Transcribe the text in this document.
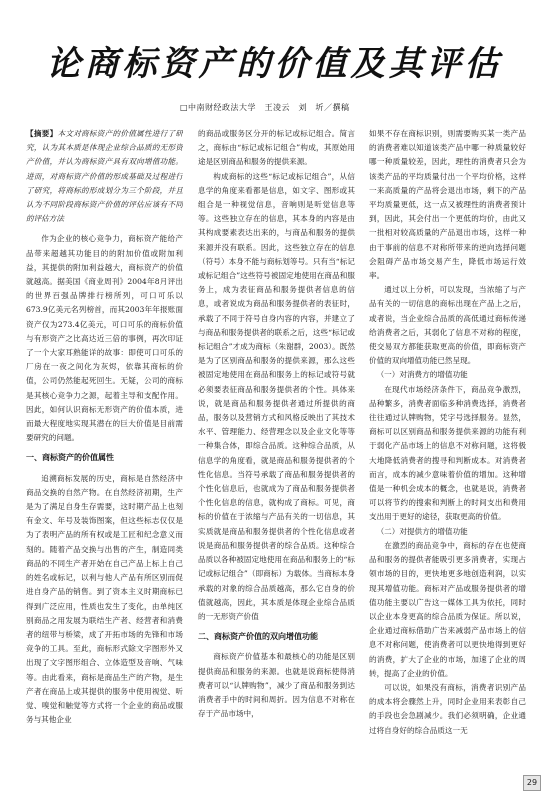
论商标资产的价值及其评估
□中南财经政法大学　王凌云　刘　圻／撰稿

【摘要】本文对商标资产的价值属性进行了研究，认为其本质是体现企业综合品质的无形资产价值，并认为商标资产具有双向增值功能。进而，对商标资产价值的形成基础及过程进行了研究，将商标的形成划分为三个阶段，并且认为不同阶段商标资产价值的评估应该有不同的评估方法

作为企业的核心竞争力，商标资产能给产品带来超越其功能目的的附加价值或附加利益，其提供的附加利益越大，商标资产的价值就越高。据美国《商业周刊》2004年8月评出的世界百强品牌排行榜所列，可口可乐以673.9亿美元名列榜首，而其2003年年报账面资产仅为273.4亿美元，可口可乐的商标价值与有形资产之比高达近三倍的事例，再次印证了一个大家耳熟能详的故事：即使可口可乐的厂房在一夜之间化为灰烬，依靠其商标的价值，公司仍然能起死回生。无疑，公司的商标是其核心竞争力之源，起着主导和支配作用。因此，如何认识商标无形资产的价值本质，进而最大程度地实现其潜在的巨大价值是目前需要研究的问题。

一、商标资产的价值属性

追溯商标发展的历史，商标是自然经济中商品交换的自然产物。在自然经济初期，生产是为了满足自身生存需要，这时期产品上也刻有金文、年号及装饰图案，但这些标志仅仅是为了表明产品的所有权或是工匠和纪念意义而刻的。随着产品交换与出售的产生，制造同类商品的不同生产者开始在自己产品上标上自己的姓名或标记，以利与他人产品有所区别而促进自身产品的销售。到了资本主义时期商标已得到广泛应用，性质也发生了变化，由单纯区别商品之用发展为联结生产者、经营者和消费者的纽带与桥梁，成了开拓市场的先锋和市场竞争的工具。至此，商标形式除文字图形外又出现了文字图形组合、立体造型及音响、气味等。由此看来，商标是商品生产的产物，是生产者在商品上或其提供的服务中使用视觉、听觉、嗅觉和触觉等方式将一个企业的商品或服务与其他企业

的商品或服务区分开的标记或标记组合。简言之，商标由“标记或标记组合”构成，其原始用途是区别商品和服务的提供来源。

构成商标的这些“标记或标记组合”，从信息学的角度来看都是信息，如文字、图形或其组合是一种视觉信息，音响则是听觉信息等等。这些独立存在的信息，其本身的内容是由其构成要素表达出来的，与商品和服务的提供来源并没有联系。因此，这些独立存在的信息（符号）本身不能与商标划等号。只有当“标记或标记组合”这些符号被固定地使用在商品和服务上，成为表征商品和服务提供者信息的信息，或者说成为商品和服务提供者的表征时，承载了不同于符号自身内容的内容，并建立了与商品和服务提供者的联系之后，这些“标记或标记组合”才成为商标（朱谢群，2003）。既然是为了区别商品和服务的提供来源，那么这些被固定地使用在商品和服务上的标记或符号就必须要表征商品和服务提供者的个性。具体来说，就是商品和服务提供者通过所提供的商品，服务以及营销方式和风格反映出了其技术水平、管理能力、经营理念以及企业文化等等一种集合体，即综合品质。这种综合品质，从信息学的角度看，就是商品和服务提供者的个性化信息。当符号承载了商品和服务提供者的个性化信息后，也就成为了商品和服务提供者个性化信息的信息，就构成了商标。可见，商标的价值在于浓缩与产品有关的一切信息，其实质就是商品和服务提供者的个性化信息或者说是商品和服务提供者的综合品质。这种综合品质以各种被固定地使用在商品和服务上的“标记或标记组合”（即商标）为载体。当商标本身承载的对象的综合品质越高，那么它自身的价值就越高，因此，其本质是体现企业综合品质的一无形资产价值

二、商标资产价值的双向增值功能

商标资产价值基本和最核心的功能是区别提供商品和服务的来源。也就是说商标使得消费者可以“认牌购物”，减少了商品和服务到达消费者手中的时间和周折。因为信息不对称在存于产品市场中，

如果不存在商标识别，则需要购买某一类产品的消费者难以知道该类产品中哪一种质量较好哪一种质量较差，因此，理性的消费者只会为该类产品的平均质量付出一个平均价格，这样一来高质量的产品将会退出市场，剩下的产品平均质量更低，这一点又被理性的消费者预计到，因此，其会付出一个更低的均价，由此又一批相对较高质量的产品退出市场，这样一种由于事前的信息不对称所带来的逆向选择问题会阻碍产品市场交易产生，降低市场运行效率。

通过以上分析，可以发现，当浓缩了与产品有关的一切信息的商标出现在产品上之后，或者说，当企业综合品质的高低通过商标传递给消费者之后，其弱化了信息不对称的程度，使交易双方都能获取更高的价值，即商标资产价值的双向增值功能已然呈现。

（一）对消费方的增值功能

在现代市场经济条件下，商品竞争激烈，品种繁多，消费者面临多种消费选择，消费者往往通过认牌购物，凭字号选择服务。显然，商标可以区别商品和服务提供来源的功能有利于弱化产品市场上的信息不对称问题，这将极大地降低消费者的搜寻和判断成本。对消费者而言，成本的减少意味着价值的增加。这种增值是一种机会成本的概念，也就是说，消费者可以将节约的搜索和判断上的时间支出和费用支出用于更好的途径，获取更高的价值。

（二）对提供方的增值功能

在激烈的商品竞争中，商标的存在也使商品和服务的提供者能吸引更多消费者，实现占领市场的目的，更快地更多地创造利润，以实现其增值功能。商标对产品或服务提供者的增值功能主要以广告这一媒体工具为依托，同时以企业本身更高的综合品质为保证。所以说，企业通过商标借助广告来减弱产品市场上的信息不对称问题，使消费者可以更快地得到更好的消费，扩大了企业的市场，加速了企业的周转，提高了企业的价值。

可以说，如果没有商标，消费者识别产品的成本将会骤然上升，同时企业用来表彰自己的手段也会急剧减少。我们必须明确，企业通过将自身好的综合品质这一无

29
